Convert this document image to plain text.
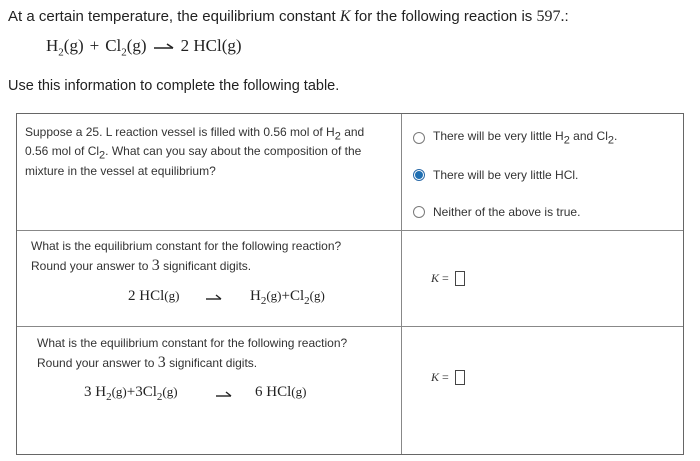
At a certain temperature, the equilibrium constant K for the following reaction is 597.:
$H_2(g) + Cl_2(g)$ 2 HCl(g)
Use this information to complete the following table.
Suppose a 25. L reaction vessel is filled with 0.56 mol of $H_2$ and
0.56 mol of $Cl_2$. What can you say about the composition of the
mixture in the vessel at equilibrium?
There will be very little $H_2$ and $Cl_2$.
There will be very little HCl.
Neither of the above is true.
What is the equilibrium constant for the following reaction?
Round your answer to 3 significant digits.
2 $HCl(g) \to H_2(g)+Cl_2(g)$
K =
What is the equilibrium constant for the following reaction?
Round your answer to 3 significant digits.
3 $H_2(g)+3Cl_2(g) \to 6$ HCl(g)
K =
